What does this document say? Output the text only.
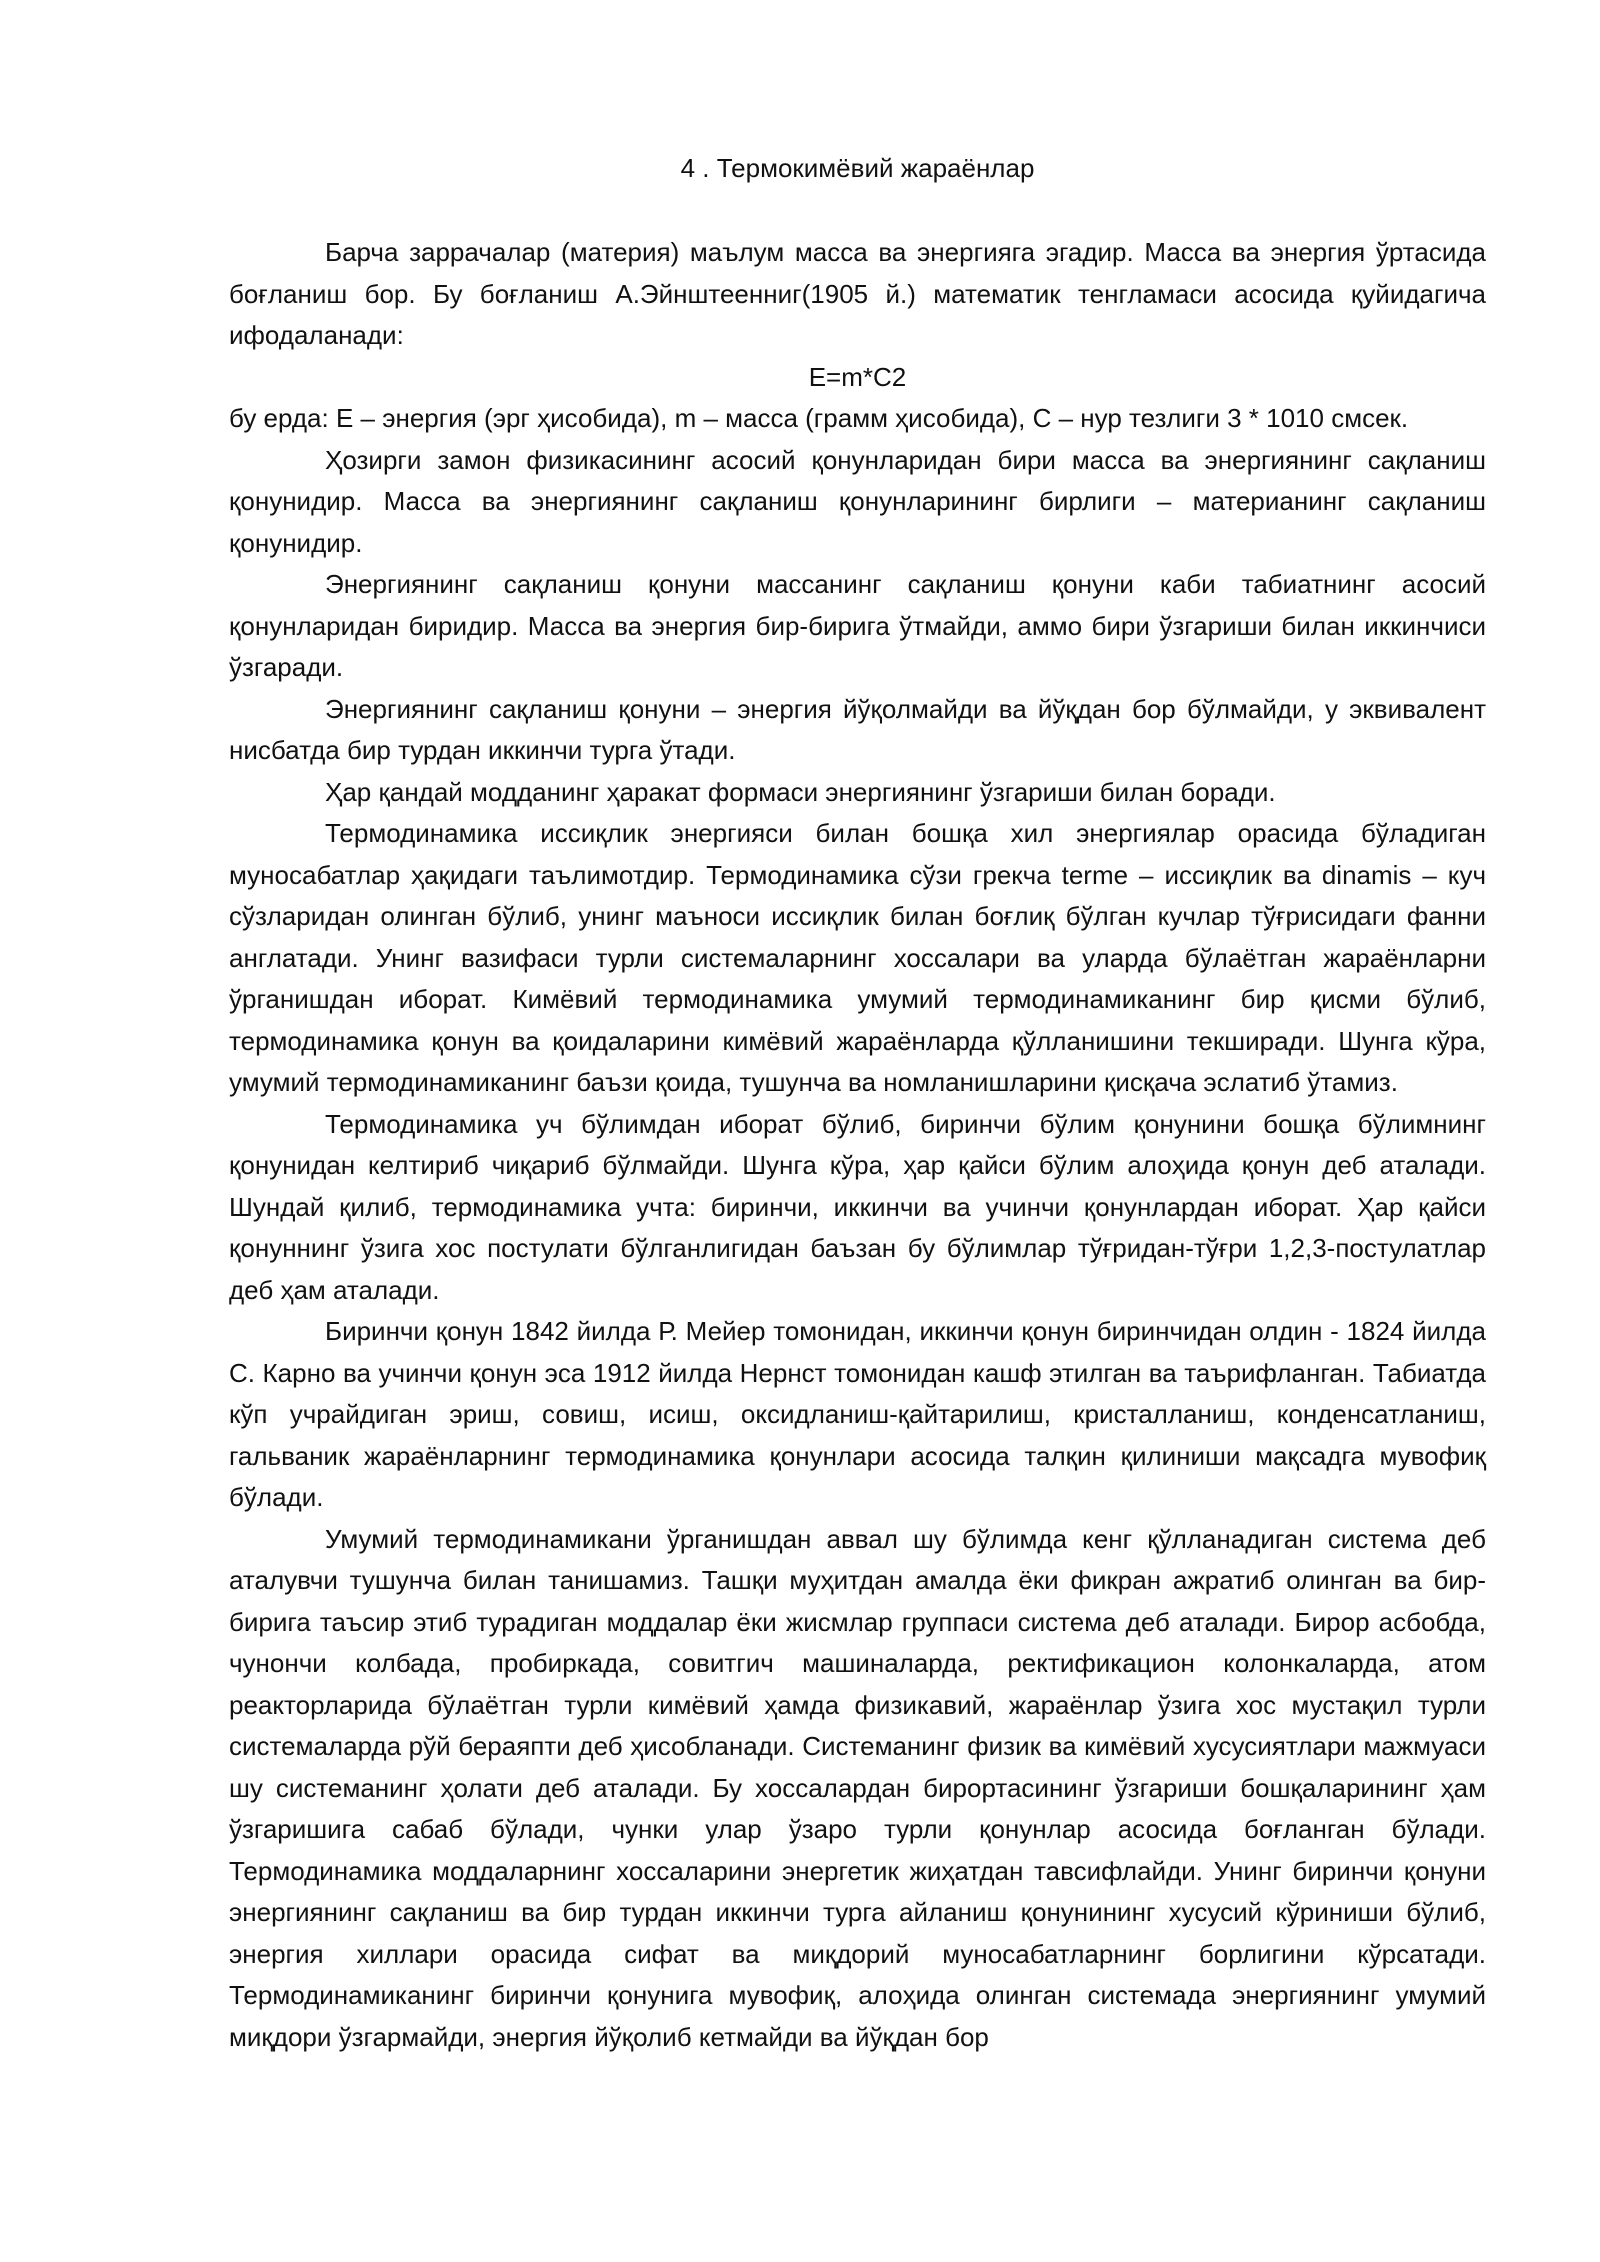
4 . Термокимёвий жараёнлар

Барча заррачалар (материя) маълум масса ва энергияга эгадир. Масса ва энергия ўртасида боғланиш бор. Бу боғланиш А.Эйнштеенниг(1905 й.) математик тенгламаси асосида қуйидагича ифодаланади:

E=m*C2

бу ерда: Е – энергия (эрг ҳисобида), m – масса (грамм ҳисобида), С – нур тезлиги 3 * 1010 смсек.

Ҳозирги замон физикасининг асосий қонунларидан бири масса ва энергиянинг сақланиш қонунидир. Масса ва энергиянинг сақланиш қонунларининг бирлиги – материанинг сақланиш қонунидир.

Энергиянинг сақланиш қонуни массанинг сақланиш қонуни каби табиатнинг асосий қонунларидан биридир. Масса ва энергия бир-бирига ўтмайди, аммо бири ўзгариши билан иккинчиси ўзгаради.

Энергиянинг сақланиш қонуни – энергия йўқолмайди ва йўқдан бор бўлмайди, у эквивалент нисбатда бир турдан иккинчи турга ўтади.

Ҳар қандай модданинг ҳаракат формаси энергиянинг ўзгариши билан боради.

Термодинамика иссиқлик энергияси билан бошқа хил энергиялар орасида бўладиган муносабатлар ҳақидаги таълимотдир. Термодинамика сўзи грекча terme – иссиқлик ва dinamis – куч сўзларидан олинган бўлиб, унинг маъноси иссиқлик билан боғлиқ бўлган кучлар тўғрисидаги фанни англатади. Унинг вазифаси турли системаларнинг хоссалари ва уларда бўлаётган жараёнларни ўрганишдан иборат. Кимёвий термодинамика умумий термодинамиканинг бир қисми бўлиб, термодинамика қонун ва қоидаларини кимёвий жараёнларда қўлланишини текширади. Шунга кўра, умумий термодинамиканинг баъзи қоида, тушунча ва номланишларини қисқача эслатиб ўтамиз.

Термодинамика уч бўлимдан иборат бўлиб, биринчи бўлим қонунини бошқа бўлимнинг қонунидан келтириб чиқариб бўлмайди. Шунга кўра, ҳар қайси бўлим алоҳида қонун деб аталади. Шундай қилиб, термодинамика учта: биринчи, иккинчи ва учинчи қонунлардан иборат. Ҳар қайси қонуннинг ўзига хос постулати бўлганлигидан баъзан бу бўлимлар тўғридан-тўғри 1,2,3-постулатлар деб ҳам аталади.

Биринчи қонун 1842 йилда Р. Мейер томонидан, иккинчи қонун биринчидан олдин - 1824 йилда С. Карно ва учинчи қонун эса 1912 йилда Нернст томонидан кашф этилган ва таърифланган. Табиатда кўп учрайдиган эриш, совиш, исиш, оксидланиш-қайтарилиш, кристалланиш, конденсатланиш, гальваник жараёнларнинг термодинамика қонунлари асосида талқин қилиниши мақсадга мувофиқ бўлади.

Умумий термодинамикани ўрганишдан аввал шу бўлимда кенг қўлланадиган система деб аталувчи тушунча билан танишамиз. Ташқи муҳитдан амалда ёки фикран ажратиб олинган ва бир-бирига таъсир этиб турадиган моддалар ёки жисмлар группаси система деб аталади. Бирор асбобда, чунончи колбада, пробиркада, совитгич машиналарда, ректификацион колонкаларда, атом реакторларида бўлаётган турли кимёвий ҳамда физикавий, жараёнлар ўзига хос мустақил турли системаларда рўй бераяпти деб ҳисобланади. Системанинг физик ва кимёвий хусусиятлари мажмуаси шу системанинг ҳолати деб аталади. Бу хоссалардан бирортасининг ўзгариши бошқаларининг ҳам ўзгаришига сабаб бўлади, чунки улар ўзаро турли қонунлар асосида боғланган бўлади. Термодинамика моддаларнинг хоссаларини энергетик жиҳатдан тавсифлайди. Унинг биринчи қонуни энергиянинг сақланиш ва бир турдан иккинчи турга айланиш қонунининг хусусий кўриниши бўлиб, энергия хиллари орасида сифат ва миқдорий муносабатларнинг борлигини кўрсатади. Термодинамиканинг биринчи қонунига мувофиқ, алоҳида олинган системада энергиянинг умумий миқдори ўзгармайди, энергия йўқолиб кетмайди ва йўқдан бор
